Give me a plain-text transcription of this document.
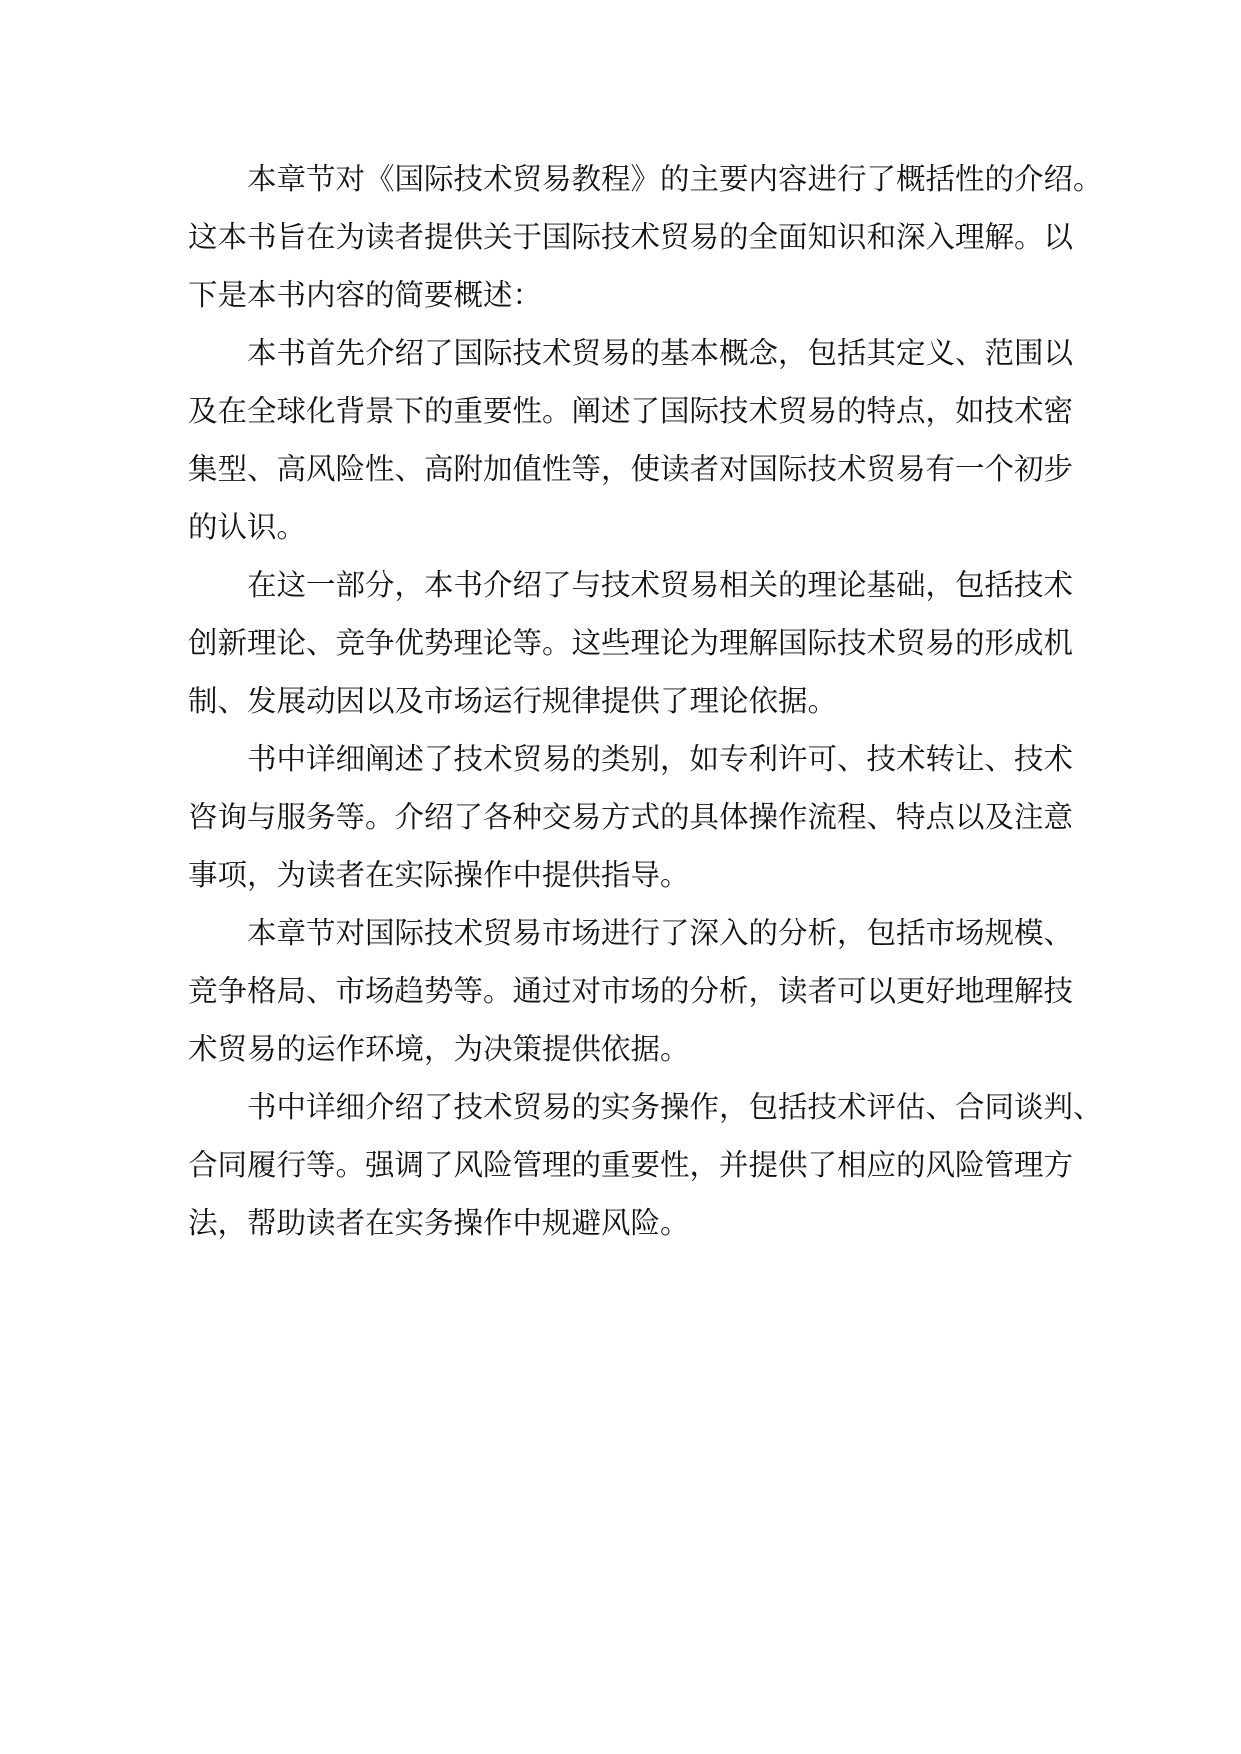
本章节对《国际技术贸易教程》的主要内容进行了概括性的介绍。
这本书旨在为读者提供关于国际技术贸易的全面知识和深入理解。以
下是本书内容的简要概述：
本书首先介绍了国际技术贸易的基本概念，包括其定义、范围以
及在全球化背景下的重要性。阐述了国际技术贸易的特点，如技术密
集型、高风险性、高附加值性等，使读者对国际技术贸易有一个初步
的认识。
在这一部分，本书介绍了与技术贸易相关的理论基础，包括技术
创新理论、竞争优势理论等。这些理论为理解国际技术贸易的形成机
制、发展动因以及市场运行规律提供了理论依据。
书中详细阐述了技术贸易的类别，如专利许可、技术转让、技术
咨询与服务等。介绍了各种交易方式的具体操作流程、特点以及注意
事项，为读者在实际操作中提供指导。
本章节对国际技术贸易市场进行了深入的分析，包括市场规模、
竞争格局、市场趋势等。通过对市场的分析，读者可以更好地理解技
术贸易的运作环境，为决策提供依据。
书中详细介绍了技术贸易的实务操作，包括技术评估、合同谈判、
合同履行等。强调了风险管理的重要性，并提供了相应的风险管理方
法，帮助读者在实务操作中规避风险。
